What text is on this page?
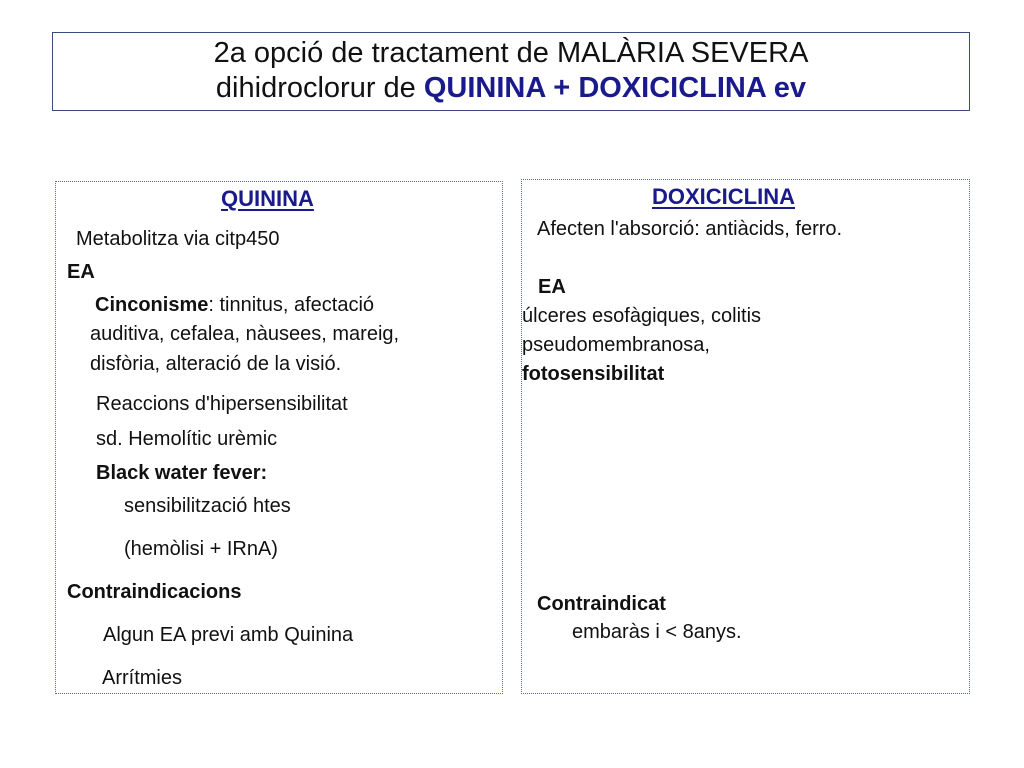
2a opció de tractament de MALÀRIA SEVERA
dihidroclorur de QUININA + DOXICICLINA ev
QUININA
Metabolitza via citp450
EA
Cinconisme: tinnitus, afectació
auditiva, cefalea, nàusees, mareig,
disfòria, alteració de la visió.
Reaccions d'hipersensibilitat
sd. Hemolític urèmic
Black water fever:
sensibilització htes
(hemòlisi + IRnA)
Contraindicacions
Algun EA previ amb Quinina
Arrítmies
DOXICICLINA
Afecten l'absorció: antiàcids, ferro.
EA
úlceres esofàgiques, colitis
pseudomembranosa,
fotosensibilitat
Contraindicat
embaràs i < 8anys.
